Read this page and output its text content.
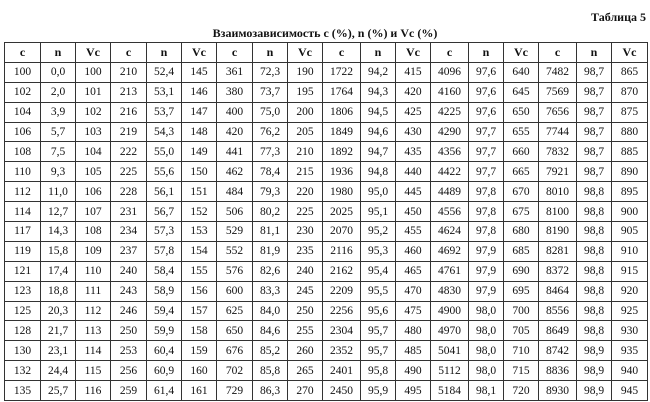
Таблица 5
Взаимозависимость с (%), n (%) и Vc (%)
c	n	Vc	c	n	Vc	c	n	Vc	c	n	Vc	c	n	Vc	c	n	Vc
100	0,0	100	210	52,4	145	361	72,3	190	1722	94,2	415	4096	97,6	640	7482	98,7	865
102	2,0	101	213	53,1	146	380	73,7	195	1764	94,3	420	4160	97,6	645	7569	98,7	870
104	3,9	102	216	53,7	147	400	75,0	200	1806	94,5	425	4225	97,6	650	7656	98,7	875
106	5,7	103	219	54,3	148	420	76,2	205	1849	94,6	430	4290	97,7	655	7744	98,7	880
108	7,5	104	222	55,0	149	441	77,3	210	1892	94,7	435	4356	97,7	660	7832	98,7	885
110	9,3	105	225	55,6	150	462	78,4	215	1936	94,8	440	4422	97,7	665	7921	98,7	890
112	11,0	106	228	56,1	151	484	79,3	220	1980	95,0	445	4489	97,8	670	8010	98,8	895
114	12,7	107	231	56,7	152	506	80,2	225	2025	95,1	450	4556	97,8	675	8100	98,8	900
117	14,3	108	234	57,3	153	529	81,1	230	2070	95,2	455	4624	97,8	680	8190	98,8	905
119	15,8	109	237	57,8	154	552	81,9	235	2116	95,3	460	4692	97,9	685	8281	98,8	910
121	17,4	110	240	58,4	155	576	82,6	240	2162	95,4	465	4761	97,9	690	8372	98,8	915
123	18,8	111	243	58,9	156	600	83,3	245	2209	95,5	470	4830	97,9	695	8464	98,8	920
125	20,3	112	246	59,4	157	625	84,0	250	2256	95,6	475	4900	98,0	700	8556	98,8	925
128	21,7	113	250	59,9	158	650	84,6	255	2304	95,7	480	4970	98,0	705	8649	98,8	930
130	23,1	114	253	60,4	159	676	85,2	260	2352	95,7	485	5041	98,0	710	8742	98,9	935
132	24,4	115	256	60,9	160	702	85,8	265	2401	95,8	490	5112	98,0	715	8836	98,9	940
135	25,7	116	259	61,4	161	729	86,3	270	2450	95,9	495	5184	98,1	720	8930	98,9	945
